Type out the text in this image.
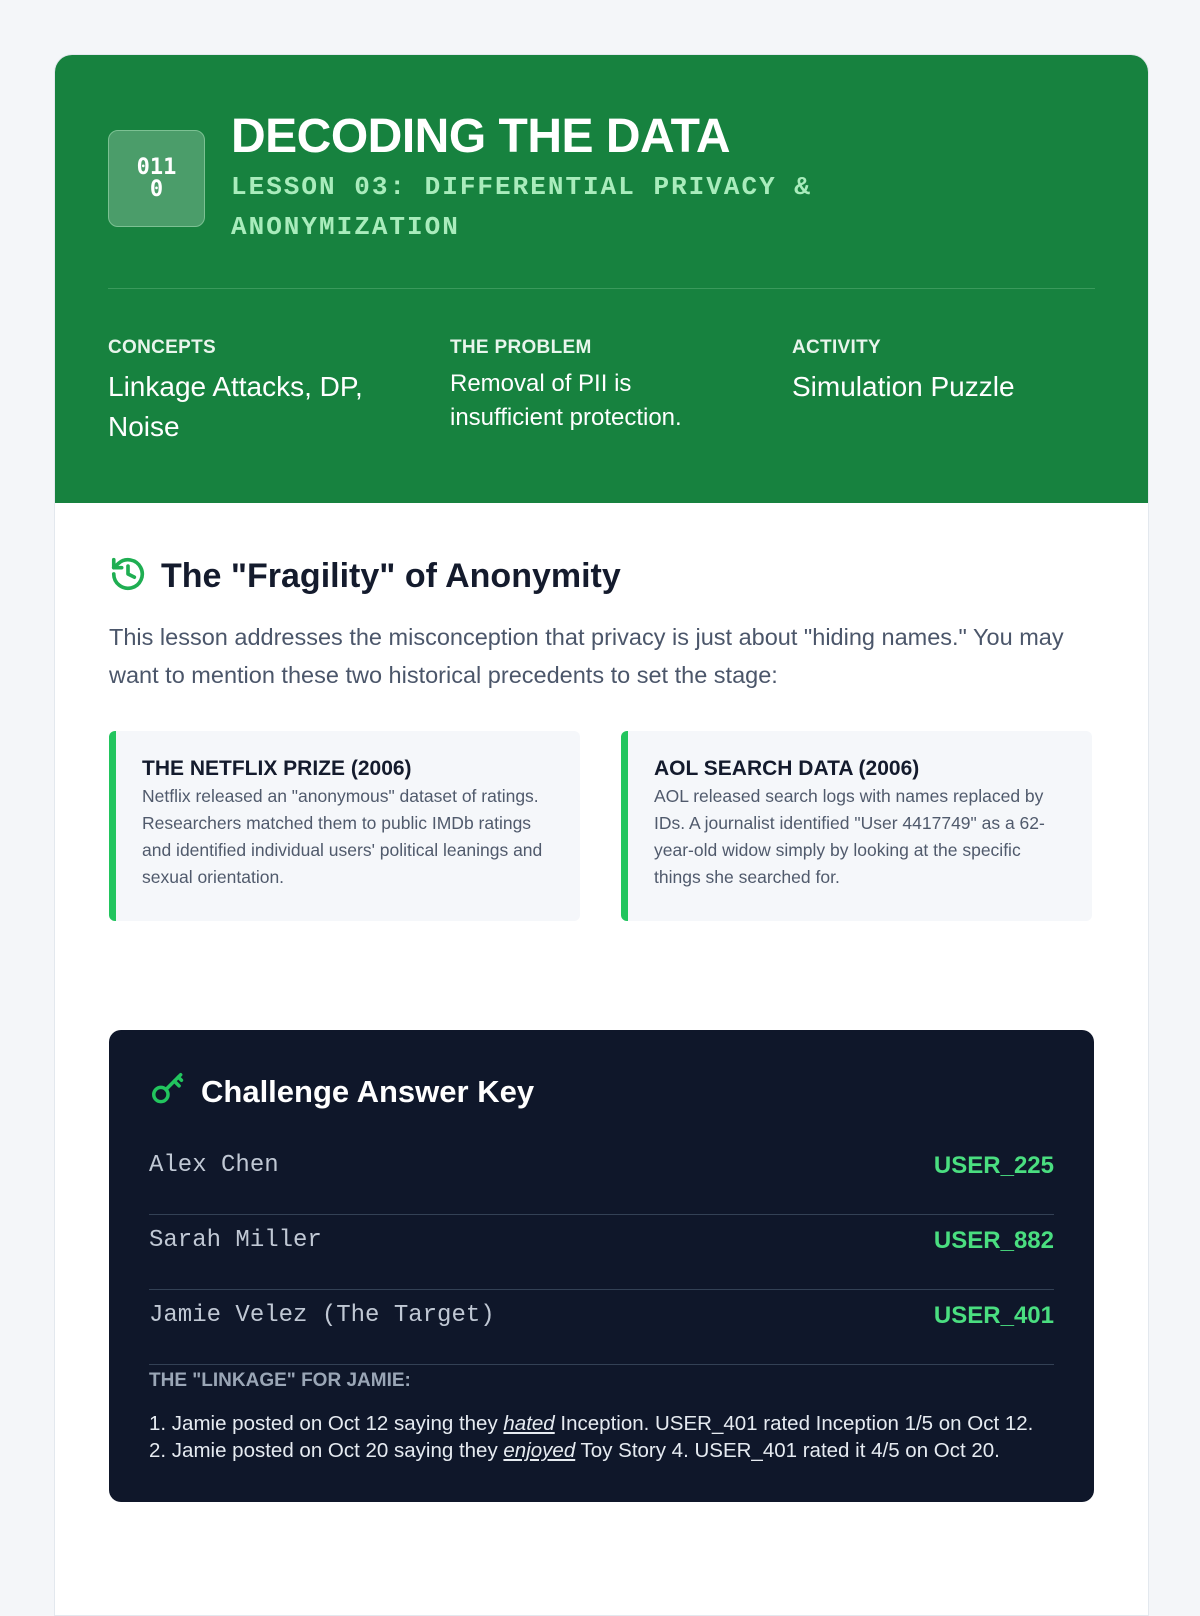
0110
DECODING THE DATA
LESSON 03: DIFFERENTIAL PRIVACY & ANONYMIZATION
CONCEPTS
Linkage Attacks, DP, Noise
THE PROBLEM
Removal of PII is insufficient protection.
ACTIVITY
Simulation Puzzle
The "Fragility" of Anonymity

This lesson addresses the misconception that privacy is just about "hiding names." You may want to mention these two historical precedents to set the stage:

THE NETFLIX PRIZE (2006)

Netflix released an "anonymous" dataset of ratings. Researchers matched them to public IMDb ratings and identified individual users' political leanings and sexual orientation.

AOL SEARCH DATA (2006)

AOL released search logs with names replaced by IDs. A journalist identified "User 4417749" as a 62-year-old widow simply by looking at the specific things she searched for.

Challenge Answer Key
Alex Chen	USER_225
Sarah Miller	USER_882
Jamie Velez (The Target)	USER_401
THE "LINKAGE" FOR JAMIE:
1. Jamie posted on Oct 12 saying they hated Inception. USER_401 rated Inception 1/5 on Oct 12.
2. Jamie posted on Oct 20 saying they enjoyed Toy Story 4. USER_401 rated it 4/5 on Oct 20.
